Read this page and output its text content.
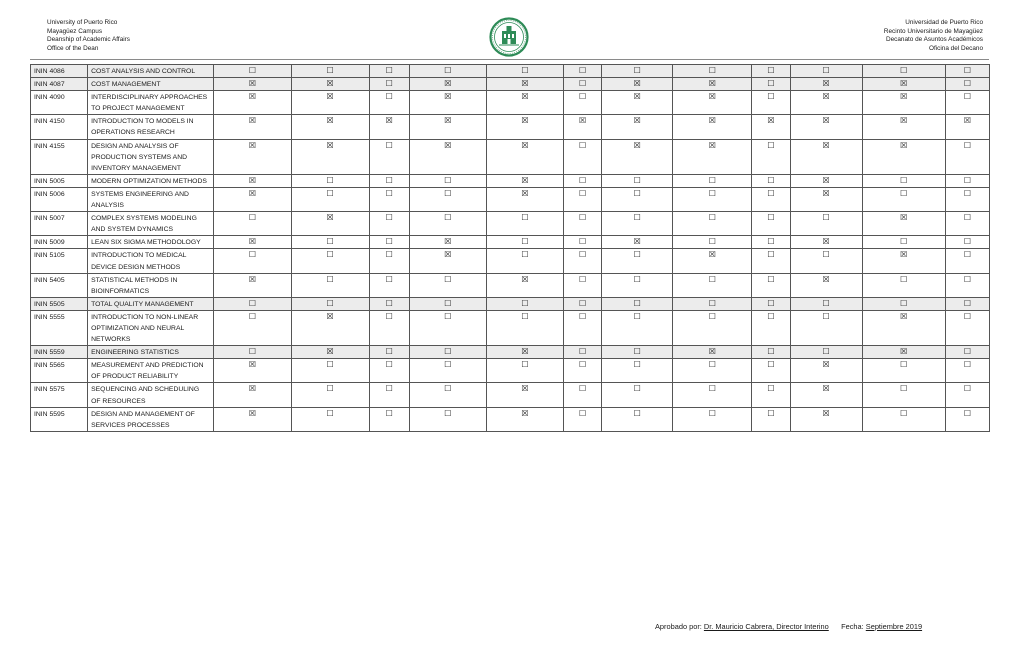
University of Puerto Rico
Mayagüez Campus
Deanship of Academic Affairs
Office of the Dean
Universidad de Puerto Rico
Recinto Universitario de Mayagüez
Decanato de Asuntos Académicos
Oficina del Decano
ININ 4086	COST ANALYSIS AND CONTROL	☐	☐	☐	☐	☐	☐	☐	☐	☐	☐	☐	☐
ININ 4087	COST MANAGEMENT	☒	☒	☐	☒	☒	☐	☒	☒	☐	☒	☒	☐
ININ 4090	INTERDISCIPLINARY APPROACHES TO PROJECT MANAGEMENT	☒	☒	☐	☒	☒	☐	☒	☒	☐	☒	☒	☐
ININ 4150	INTRODUCTION TO MODELS IN OPERATIONS RESEARCH	☒	☒	☒	☒	☒	☒	☒	☒	☒	☒	☒	☒
ININ 4155	DESIGN AND ANALYSIS OF PRODUCTION SYSTEMS AND INVENTORY MANAGEMENT	☒	☒	☐	☒	☒	☐	☒	☒	☐	☒	☒	☐
ININ 5005	MODERN OPTIMIZATION METHODS	☒	☐	☐	☐	☒	☐	☐	☐	☐	☒	☐	☐
ININ 5006	SYSTEMS ENGINEERING AND ANALYSIS	☒	☐	☐	☐	☒	☐	☐	☐	☐	☒	☐	☐
ININ 5007	COMPLEX SYSTEMS MODELING AND SYSTEM DYNAMICS	☐	☒	☐	☐	☐	☐	☐	☐	☐	☐	☒	☐
ININ 5009	LEAN SIX SIGMA METHODOLOGY	☒	☐	☐	☒	☐	☐	☒	☐	☐	☒	☐	☐
ININ 5105	INTRODUCTION TO MEDICAL DEVICE DESIGN METHODS	☐	☐	☐	☒	☐	☐	☐	☒	☐	☐	☒	☐
ININ 5405	STATISTICAL METHODS IN BIOINFORMATICS	☒	☐	☐	☐	☒	☐	☐	☐	☐	☒	☐	☐
ININ 5505	TOTAL QUALITY MANAGEMENT	☐	☐	☐	☐	☐	☐	☐	☐	☐	☐	☐	☐
ININ 5555	INTRODUCTION TO NON-LINEAR OPTIMIZATION AND NEURAL NETWORKS	☐	☒	☐	☐	☐	☐	☐	☐	☐	☐	☒	☐
ININ 5559	ENGINEERING STATISTICS	☐	☒	☐	☐	☒	☐	☐	☒	☐	☐	☒	☐
ININ 5565	MEASUREMENT AND PREDICTION OF PRODUCT RELIABILITY	☒	☐	☐	☐	☐	☐	☐	☐	☐	☒	☐	☐
ININ 5575	SEQUENCING AND SCHEDULING OF RESOURCES	☒	☐	☐	☐	☒	☐	☐	☐	☐	☒	☐	☐
ININ 5595	DESIGN AND MANAGEMENT OF SERVICES PROCESSES	☒	☐	☐	☐	☒	☐	☐	☐	☐	☒	☐	☐
Aprobado por: Dr. Mauricio Cabrera, Director Interino Fecha: Septiembre 2019
